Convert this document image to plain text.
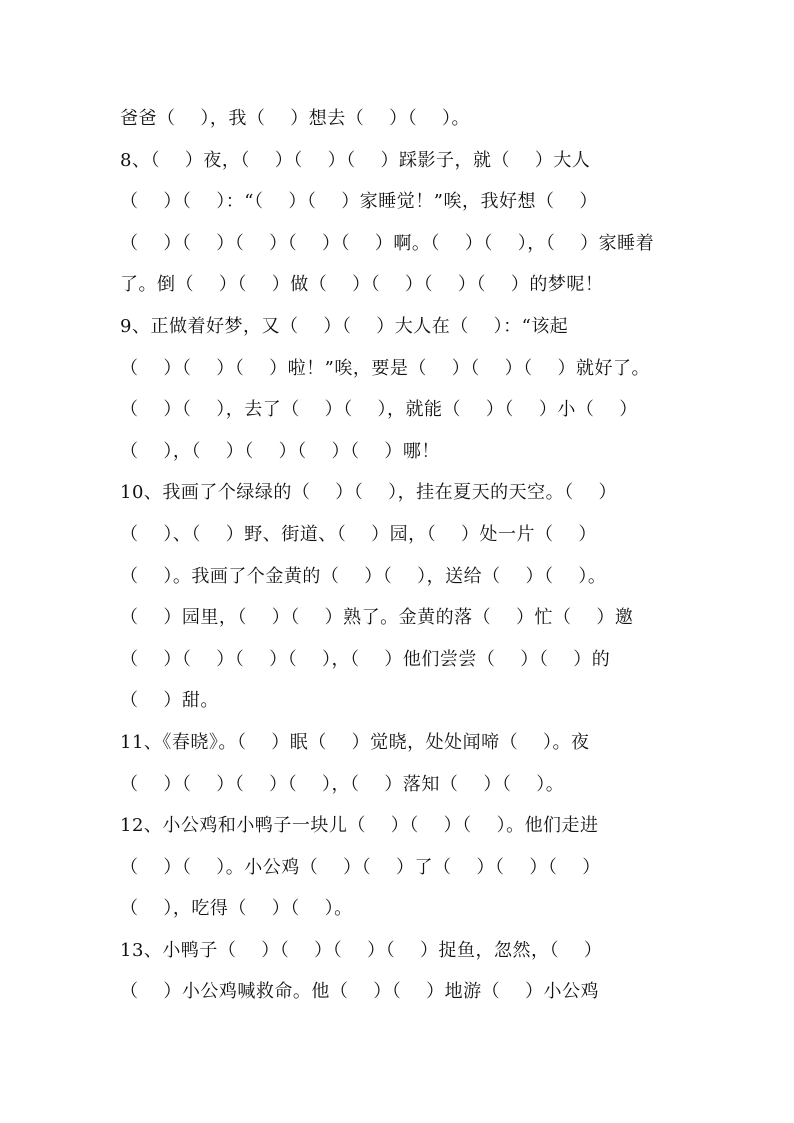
爸爸（    ），我（    ）想去（    ）（    ）。
8、（    ）夜，（    ）（    ）（    ）踩影子，就（    ）大人
（    ）（    ）：“（    ）（    ）家睡觉！”唉，我好想（    ）
（    ）（    ）（    ）（    ）（    ）啊。（    ）（    ），（    ）家睡着
了。倒（    ）（    ）做（    ）（    ）（    ）（    ）的梦呢！
9、正做着好梦，又（    ）（    ）大人在（    ）：“该起
（    ）（    ）（    ）啦！”唉，要是（    ）（    ）（    ）就好了。
（    ）（    ），去了（    ）（    ），就能（    ）（    ）小（    ）
（    ），（    ）（    ）（    ）（    ）哪！
10、我画了个绿绿的（    ）（    ），挂在夏天的天空。（    ）
（    ）、（    ）野、街道、（    ）园，（    ）处一片（    ）
（    ）。我画了个金黄的（    ）（    ），送给（    ）（    ）。
（    ）园里，（    ）（    ）熟了。金黄的落（    ）忙（    ）邀
（    ）（    ）（    ）（    ），（    ）他们尝尝（    ）（    ）的
（    ）甜。
11、《春晓》。（    ）眠（    ）觉晓，处处闻啼（    ）。夜
（    ）（    ）（    ）（    ），（    ）落知（    ）（    ）。
12、小公鸡和小鸭子一块儿（    ）（    ）（    ）。他们走进
（    ）（    ）。小公鸡（    ）（    ）了（    ）（    ）（    ）
（    ），吃得（    ）（    ）。
13、小鸭子（    ）（    ）（    ）（    ）捉鱼，忽然，（    ）
（    ）小公鸡喊救命。他（    ）（    ）地游（    ）小公鸡
